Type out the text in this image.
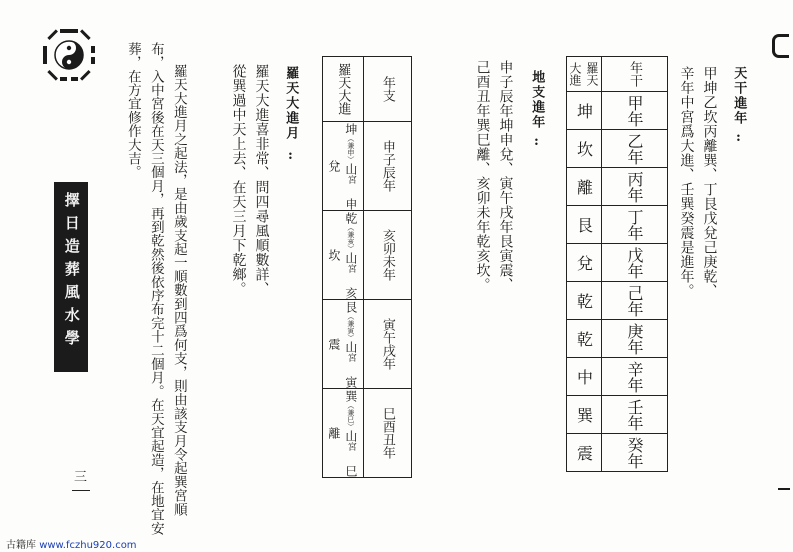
擇日造葬風水學
三
天干進年
:
甲坤乙坎丙離巽、丁艮戊兌己庚乾、
辛年中宮爲大進、壬巽癸震是進年。
羅天大進	年干
坤	甲年
坎	乙年
離	丙年
艮	丁年
兌	戊年
乾	己年
乾	庚年
中	辛年
巽	壬年
震	癸年
地支進年
:
申子辰年坤申兌、寅午戌年艮寅震、
己酉丑年巽巳離、亥卯未年乾亥坎。
羅天大進	年支
坤（兼申）山宮 申兌	申子辰年
乾（兼亥）山宮 亥坎	亥卯未年
艮（兼寅）山宮 寅震	寅午戌年
巽（兼巳）山宮 巳離	巳酉丑年
羅天大進月
:
羅天大進喜非常、問四尋風順數詳、
從巽過中天上去、在天三月下乾鄉。
羅天大進月之起法，是由歲支起一順數到四爲何支，則由該支月令起巽宮順
布，入中宮後在天三個月，再到乾然後依序布完十二個月。在天宜起造，在地宜安
葬，在方宜修作大吉。
古籍库 www.fczhu920.com
